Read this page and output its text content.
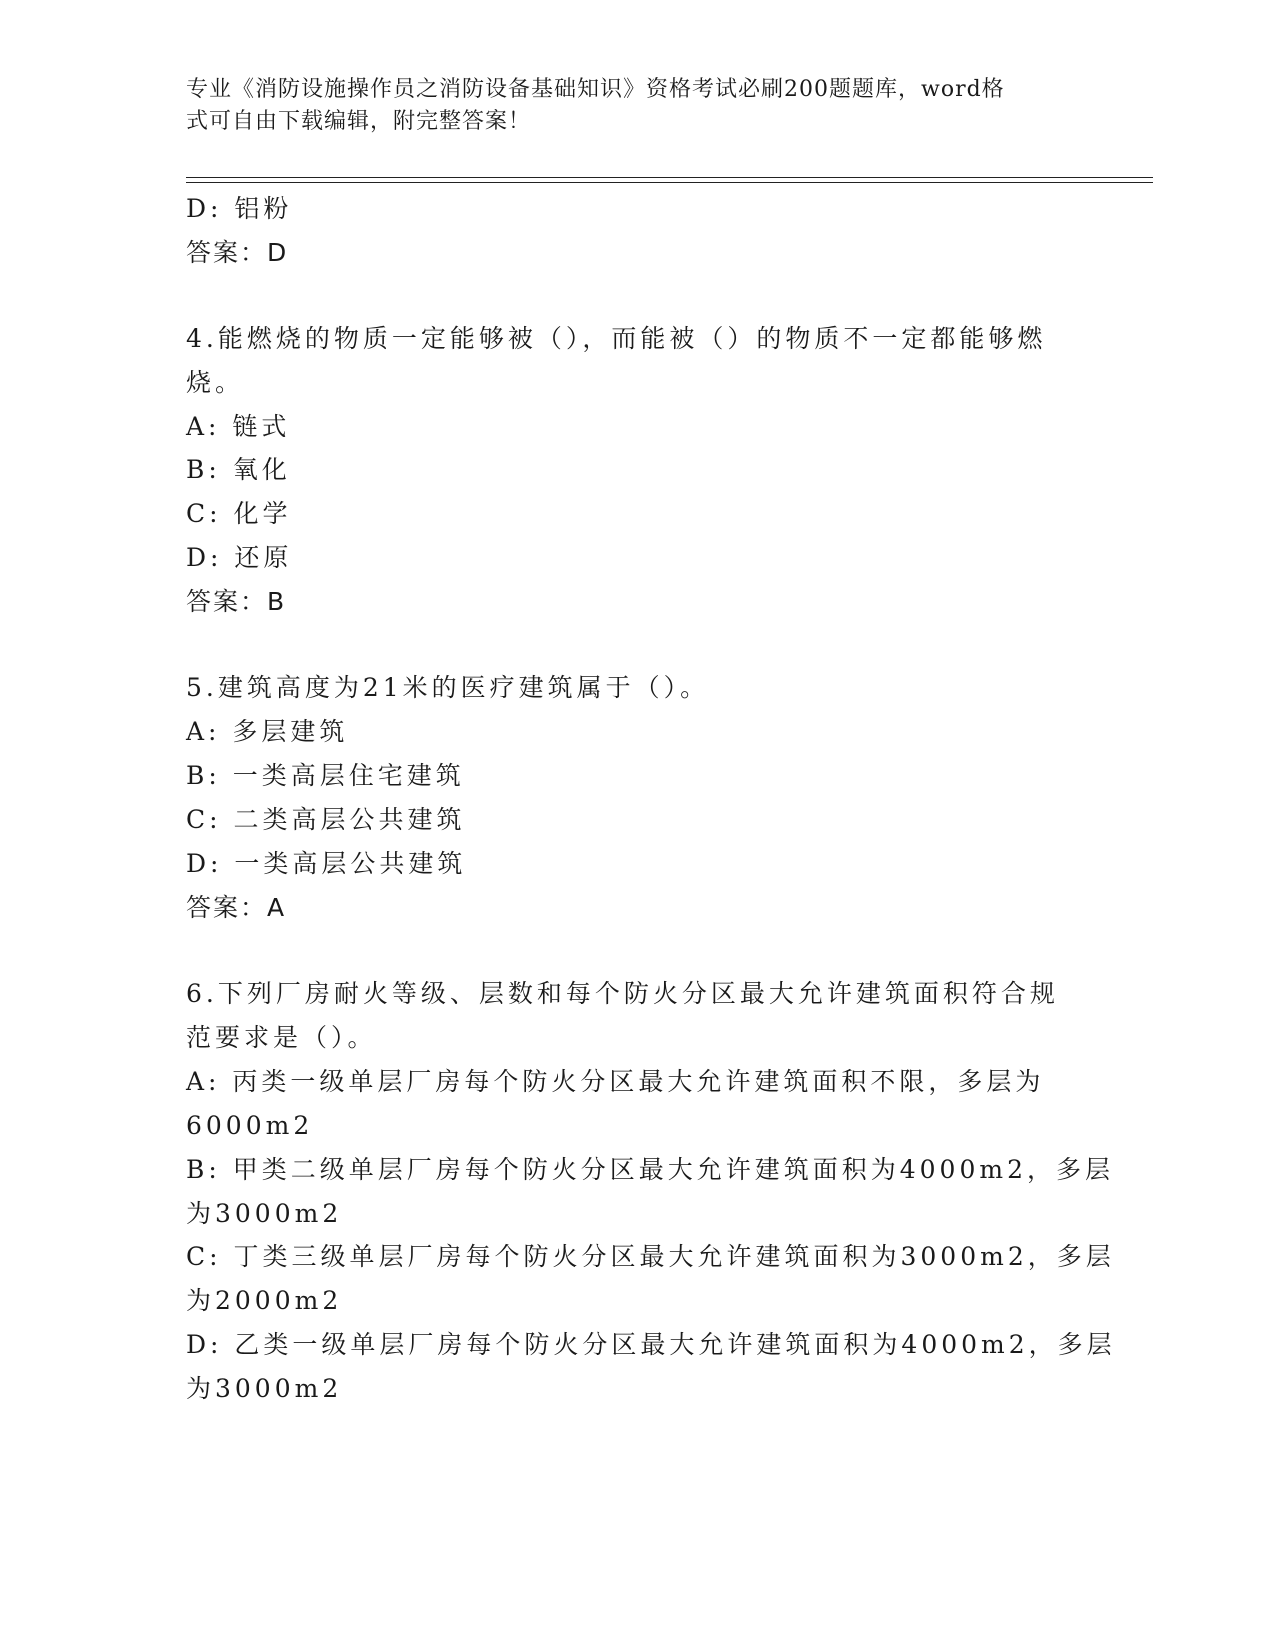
专业《消防设施操作员之消防设备基础知识》资格考试必刷200题题库，word格
式可自由下载编辑，附完整答案！
D: 铝粉
答案：D
4.能燃烧的物质一定能够被（），而能被（）的物质不一定都能够燃
烧。
A: 链式
B: 氧化
C: 化学
D: 还原
答案：B
5.建筑高度为21米的医疗建筑属于（）。
A: 多层建筑
B: 一类高层住宅建筑
C: 二类高层公共建筑
D: 一类高层公共建筑
答案：A
6.下列厂房耐火等级、层数和每个防火分区最大允许建筑面积符合规
范要求是（）。
A: 丙类一级单层厂房每个防火分区最大允许建筑面积不限，多层为
6000m2
B: 甲类二级单层厂房每个防火分区最大允许建筑面积为4000m2，多层
为3000m2
C: 丁类三级单层厂房每个防火分区最大允许建筑面积为3000m2，多层
为2000m2
D: 乙类一级单层厂房每个防火分区最大允许建筑面积为4000m2，多层
为3000m2
